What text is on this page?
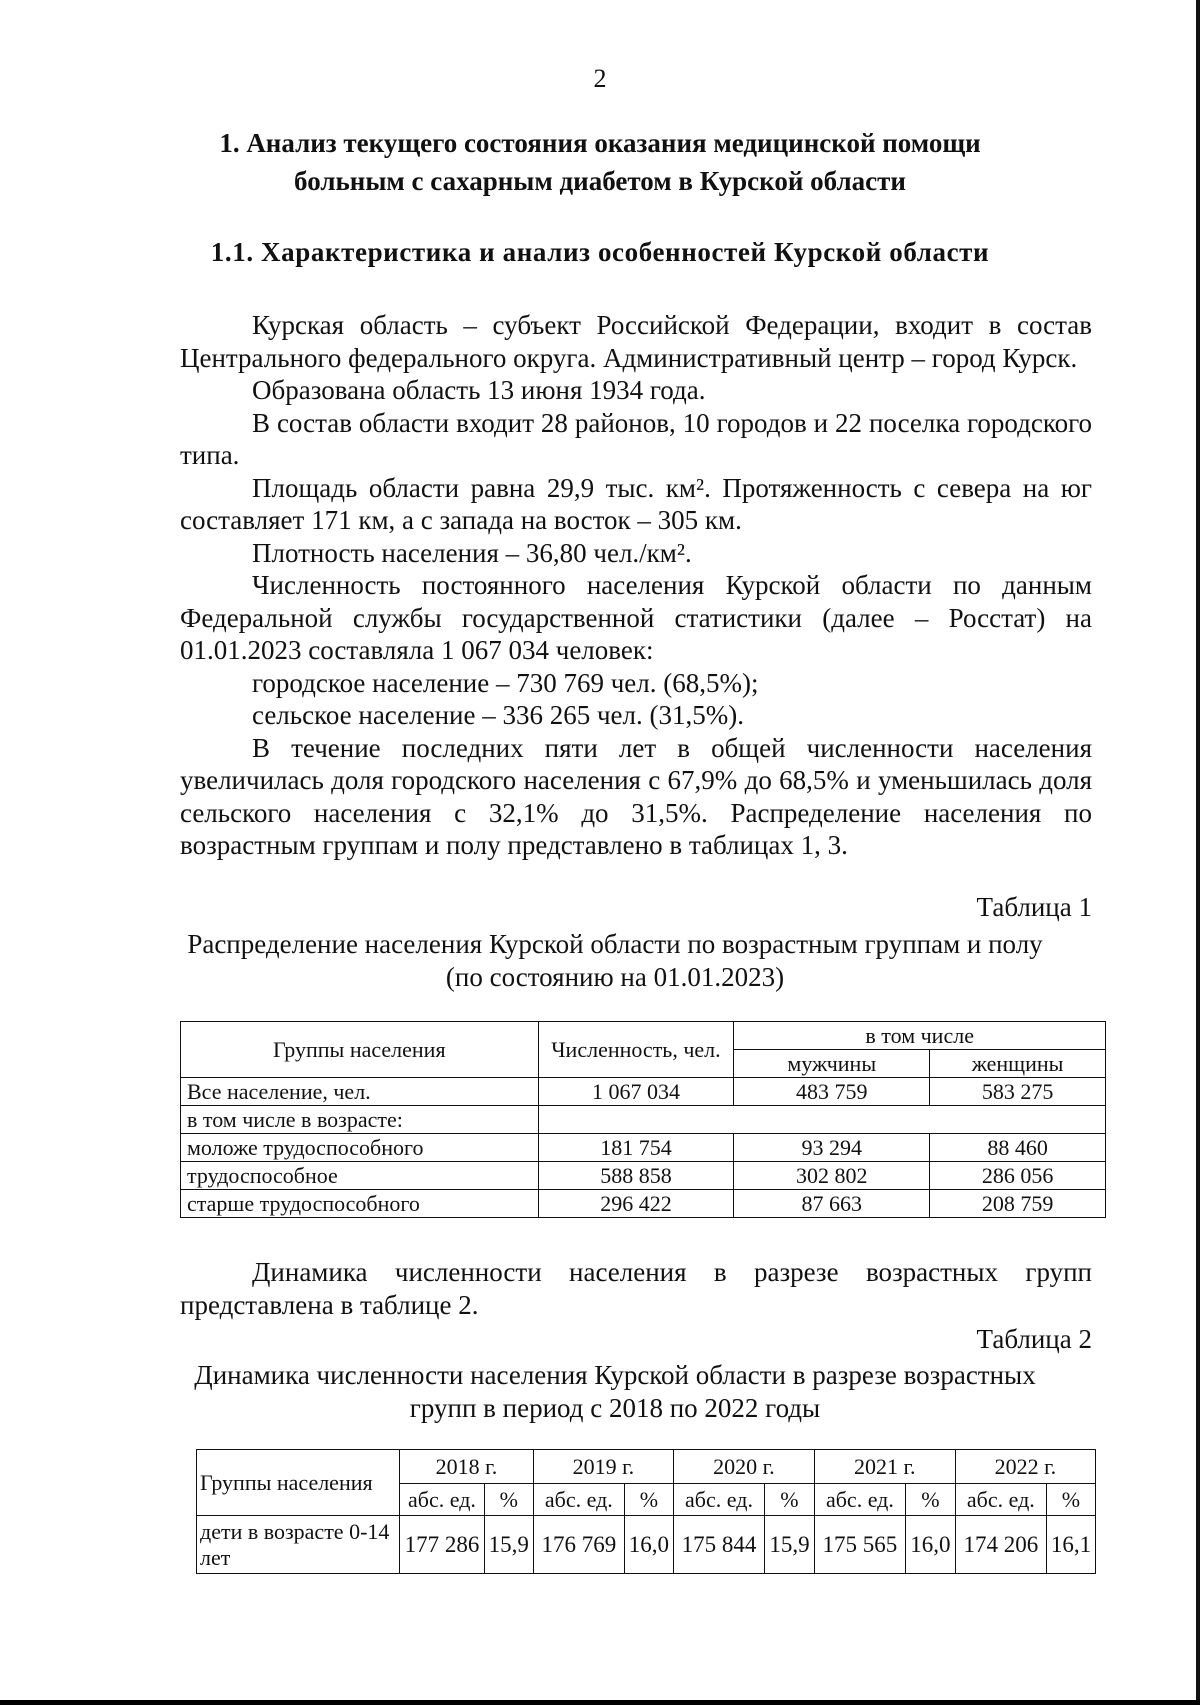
2
1. Анализ текущего состояния оказания медицинской помощи
больным с сахарным диабетом в Курской области
1.1. Характеристика и анализ особенностей Курской области

Курская область – субъект Российской Федерации, входит в состав Центрального федерального округа. Административный центр – город Курск.

Образована область 13 июня 1934 года.

В состав области входит 28 районов, 10 городов и 22 поселка городского типа.

Площадь области равна 29,9 тыс. км². Протяженность с севера на юг составляет 171 км, а с запада на восток – 305 км.

Плотность населения – 36,80 чел./км².

Численность постоянного населения Курской области по данным Федеральной службы государственной статистики (далее – Росстат) на 01.01.2023 составляла 1 067 034 человек:

городское население – 730 769 чел. (68,5%);

сельское население – 336 265 чел. (31,5%).

В течение последних пяти лет в общей численности населения увеличилась доля городского населения с 67,9% до 68,5% и уменьшилась доля сельского населения с 32,1% до 31,5%. Распределение населения по возрастным группам и полу представлено в таблицах 1, 3.

Таблица 1
Распределение населения Курской области по возрастным группам и полу
(по состоянию на 01.01.2023)
Группы населения	Численность, чел.	в том числе	
		мужчины	женщины
Все население, чел.	1 067 034	483 759	583 275
в том числе в возрасте:			
моложе трудоспособного	181 754	93 294	88 460
трудоспособное	588 858	302 802	286 056
старше трудоспособного	296 422	87 663	208 759

Динамика численности населения в разрезе возрастных групп представлена в таблице 2.

Таблица 2
Динамика численности населения Курской области в разрезе возрастных
групп в период с 2018 по 2022 годы
Группы населения	2018 г.		2019 г.		2020 г.		2021 г.		2022 г.	
	абс. ед.	%	абс. ед.	%	абс. ед.	%	абс. ед.	%	абс. ед.	%
дети в возрасте 0-14 лет	177 286	15,9	176 769	16,0	175 844	15,9	175 565	16,0	174 206	16,1
